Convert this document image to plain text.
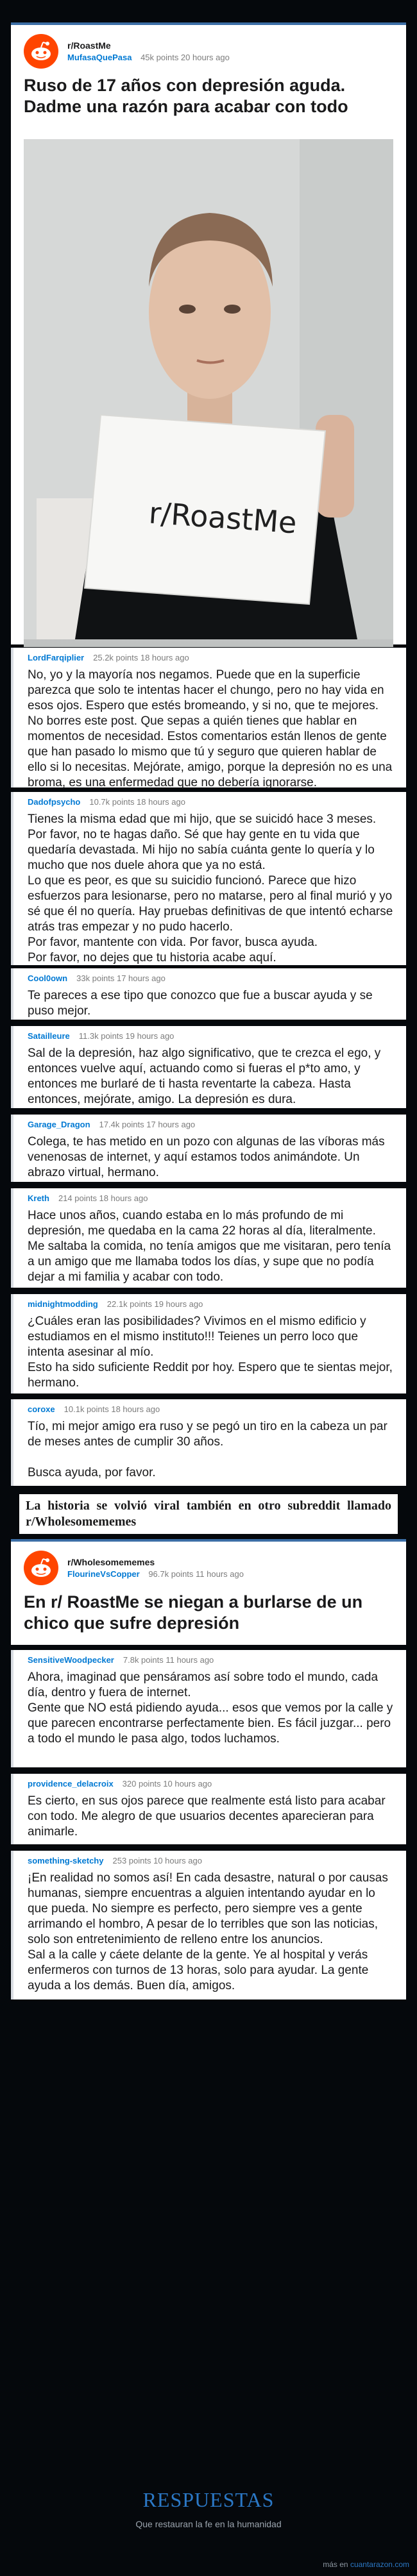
r/RoastMe
MufasaQuePasa 45k points 20 hours ago
Ruso de 17 años con depresión aguda. Dadme una razón para acabar con todo
r/RoastMe
LordFarqiplier 25.2k points 18 hours ago
No, yo y la mayoría nos negamos. Puede que en la superficie parezca que solo te intentas hacer el chungo, pero no hay vida en esos ojos. Espero que estés bromeando, y si no, que te mejores. No borres este post. Que sepas a quién tienes que hablar en momentos de necesidad. Estos comentarios están llenos de gente que han pasado lo mismo que tú y seguro que quieren hablar de ello si lo necesitas. Mejórate, amigo, porque la depresión no es una broma, es una enfermedad que no debería ignorarse.
Dadofpsycho 10.7k points 18 hours ago
Tienes la misma edad que mi hijo, que se suicidó hace 3 meses. Por favor, no te hagas daño. Sé que hay gente en tu vida que quedaría devastada. Mi hijo no sabía cuánta gente lo quería y lo mucho que nos duele ahora que ya no está.
Lo que es peor, es que su suicidio funcionó. Parece que hizo esfuerzos para lesionarse, pero no matarse, pero al final murió y yo sé que él no quería. Hay pruebas definitivas de que intentó echarse atrás tras empezar y no pudo hacerlo.
Por favor, mantente con vida. Por favor, busca ayuda.
Por favor, no dejes que tu historia acabe aquí.
Cool0own 33k points 17 hours ago
Te pareces a ese tipo que conozco que fue a buscar ayuda y se puso mejor.
Satailleure 11.3k points 19 hours ago
Sal de la depresión, haz algo significativo, que te crezca el ego, y entonces vuelve aquí, actuando como si fueras el p*to amo, y entonces me burlaré de ti hasta reventarte la cabeza. Hasta entonces, mejórate, amigo. La depresión es dura.
Garage_Dragon 17.4k points 17 hours ago
Colega, te has metido en un pozo con algunas de las víboras más venenosas de internet, y aquí estamos todos animándote. Un abrazo virtual, hermano.
Kreth 214 points 18 hours ago
Hace unos años, cuando estaba en lo más profundo de mi depresión, me quedaba en la cama 22 horas al día, literalmente. Me saltaba la comida, no tenía amigos que me visitaran, pero tenía a un amigo que me llamaba todos los días, y supe que no podía dejar a mi familia y acabar con todo.
midnightmodding 22.1k points 19 hours ago
¿Cuáles eran las posibilidades? Vivimos en el mismo edificio y estudiamos en el mismo instituto!!! Teienes un perro loco que intenta asesinar al mío.
Esto ha sido suficiente Reddit por hoy. Espero que te sientas mejor, hermano.
coroxe 10.1k points 18 hours ago
Tío, mi mejor amigo era ruso y se pegó un tiro en la cabeza un par de meses antes de cumplir 30 años.

Busca ayuda, por favor.
La historia se volvió viral también en otro subreddit llamado r/Wholesomememes
r/Wholesomememes
FlourineVsCopper 96.7k points 11 hours ago
En r/ RoastMe se niegan a burlarse de un chico que sufre depresión
SensitiveWoodpecker 7.8k points 11 hours ago
Ahora, imaginad que pensáramos así sobre todo el mundo, cada día, dentro y fuera de internet.
Gente que NO está pidiendo ayuda... esos que vemos por la calle y que parecen encontrarse perfectamente bien. Es fácil juzgar... pero a todo el mundo le pasa algo, todos luchamos.
providence_delacroix 320 points 10 hours ago
Es cierto, en sus ojos parece que realmente está listo para acabar con todo. Me alegro de que usuarios decentes aparecieran para animarle.
something-sketchy 253 points 10 hours ago
¡En realidad no somos así! En cada desastre, natural o por causas humanas, siempre encuentras a alguien intentando ayudar en lo que pueda. No siempre es perfecto, pero siempre ves a gente arrimando el hombro, A pesar de lo terribles que son las noticias, solo son entretenimiento de relleno entre los anuncios.
Sal a la calle y cáete delante de la gente. Ye al hospital y verás enfermeros con turnos de 13 horas, solo para ayudar. La gente ayuda a los demás. Buen día, amigos.
RESPUESTAS
Que restauran la fe en la humanidad
más en cuantarazon.com
